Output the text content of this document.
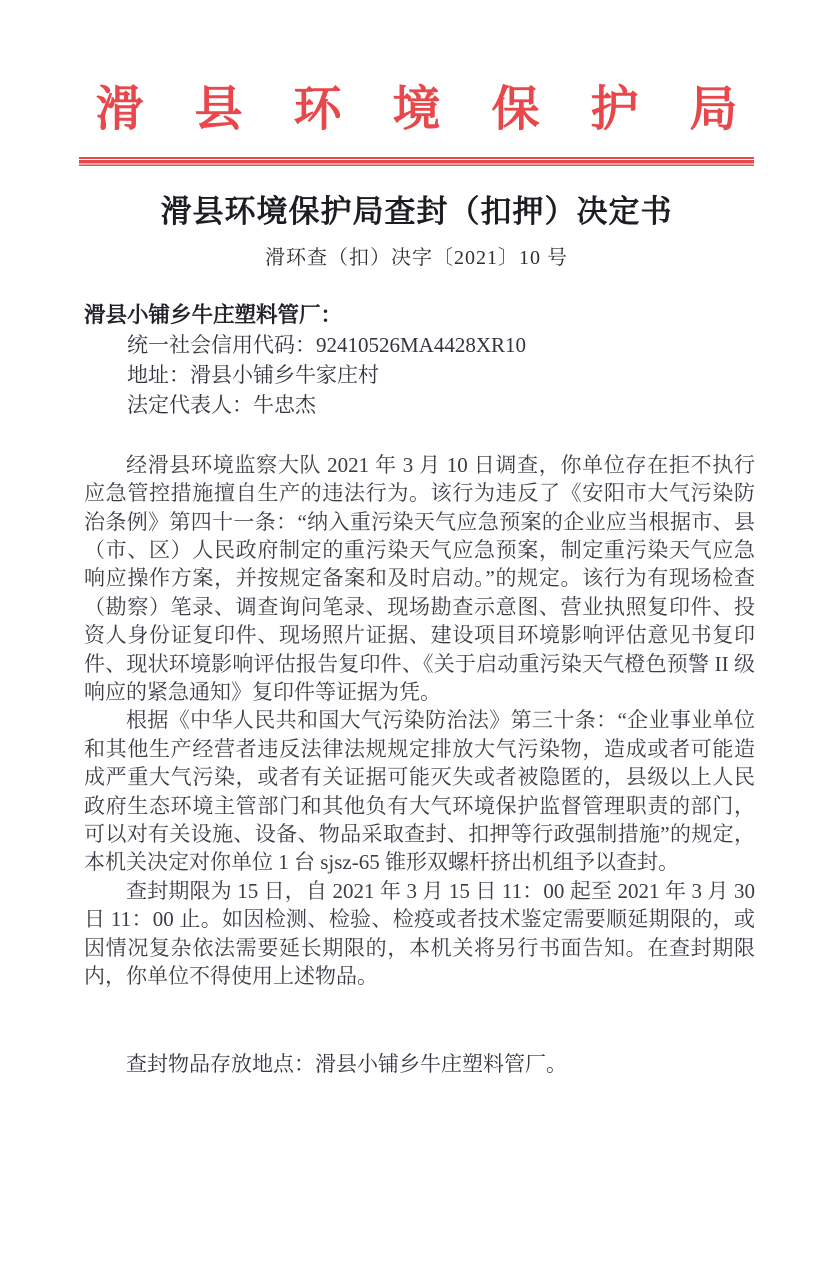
滑县环境保护局
滑县环境保护局查封（扣押）决定书
滑环查（扣）决字〔2021〕10 号
滑县小铺乡牛庄塑料管厂：
统一社会信用代码：92410526MA4428XR10
地址：滑县小铺乡牛家庄村
法定代表人：牛忠杰

经滑县环境监察大队 2021 年 3 月 10 日调查，你单位存在拒不执行应急管控措施擅自生产的违法行为。该行为违反了《安阳市大气污染防治条例》第四十一条：“纳入重污染天气应急预案的企业应当根据市、县（市、区）人民政府制定的重污染天气应急预案，制定重污染天气应急响应操作方案，并按规定备案和及时启动。”的规定。该行为有现场检查（勘察）笔录、调查询问笔录、现场勘查示意图、营业执照复印件、投资人身份证复印件、现场照片证据、建设项目环境影响评估意见书复印件、现状环境影响评估报告复印件、《关于启动重污染天气橙色预警 II 级响应的紧急通知》复印件等证据为凭。

根据《中华人民共和国大气污染防治法》第三十条：“企业事业单位和其他生产经营者违反法律法规规定排放大气污染物，造成或者可能造成严重大气污染，或者有关证据可能灭失或者被隐匿的，县级以上人民政府生态环境主管部门和其他负有大气环境保护监督管理职责的部门，可以对有关设施、设备、物品采取查封、扣押等行政强制措施”的规定，本机关决定对你单位 1 台 sjsz-65 锥形双螺杆挤出机组予以查封。

查封期限为 15 日，自 2021 年 3 月 15 日 11：00 起至 2021 年 3 月 30 日 11：00 止。如因检测、检验、检疫或者技术鉴定需要顺延期限的，或因情况复杂依法需要延长期限的，本机关将另行书面告知。在查封期限内，你单位不得使用上述物品。

查封物品存放地点：滑县小铺乡牛庄塑料管厂。
